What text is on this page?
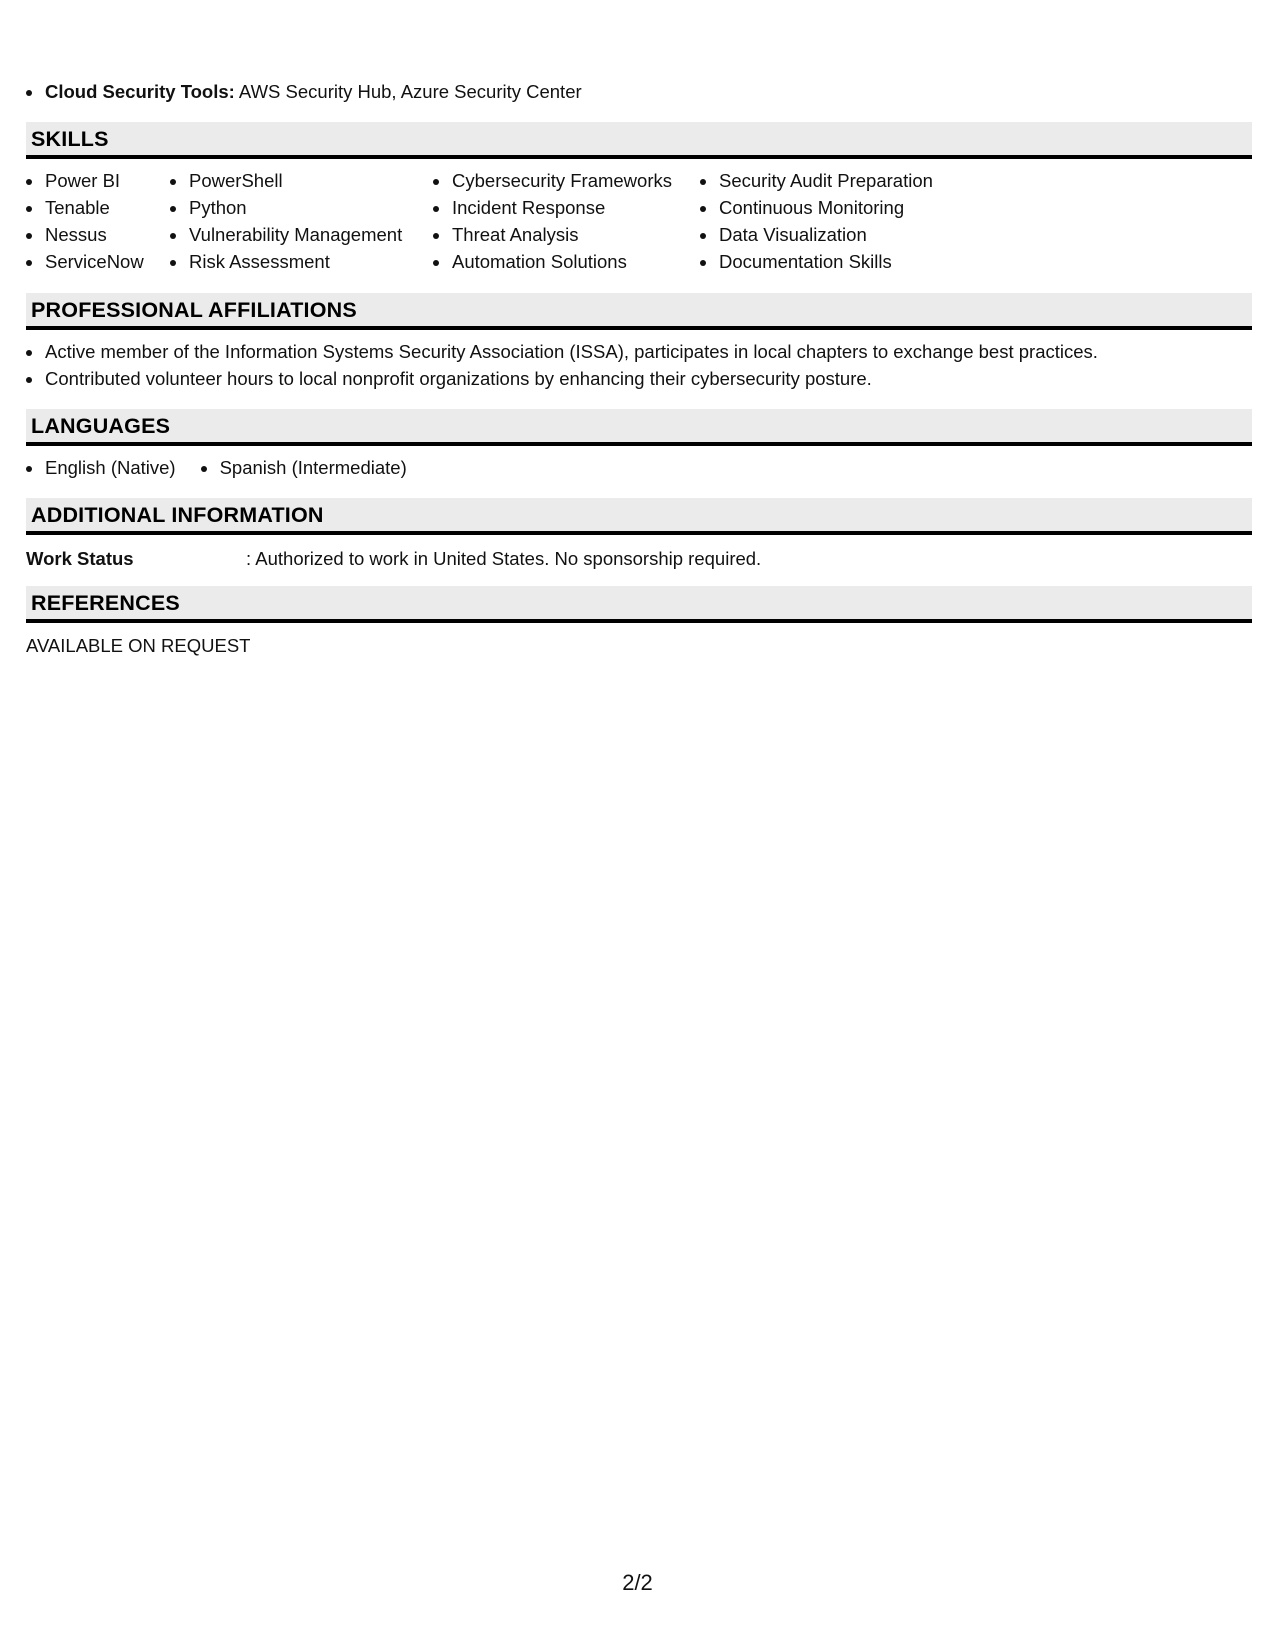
Cloud Security Tools: AWS Security Hub, Azure Security Center
SKILLS
Power BI
Tenable
Nessus
ServiceNow
PowerShell
Python
Vulnerability Management
Risk Assessment
Cybersecurity Frameworks
Incident Response
Threat Analysis
Automation Solutions
Security Audit Preparation
Continuous Monitoring
Data Visualization
Documentation Skills
PROFESSIONAL AFFILIATIONS
Active member of the Information Systems Security Association (ISSA), participates in local chapters to exchange best practices.
Contributed volunteer hours to local nonprofit organizations by enhancing their cybersecurity posture.
LANGUAGES
English (Native)	Spanish (Intermediate)
ADDITIONAL INFORMATION
Work Status	: Authorized to work in United States. No sponsorship required.
REFERENCES
AVAILABLE ON REQUEST
2/2
